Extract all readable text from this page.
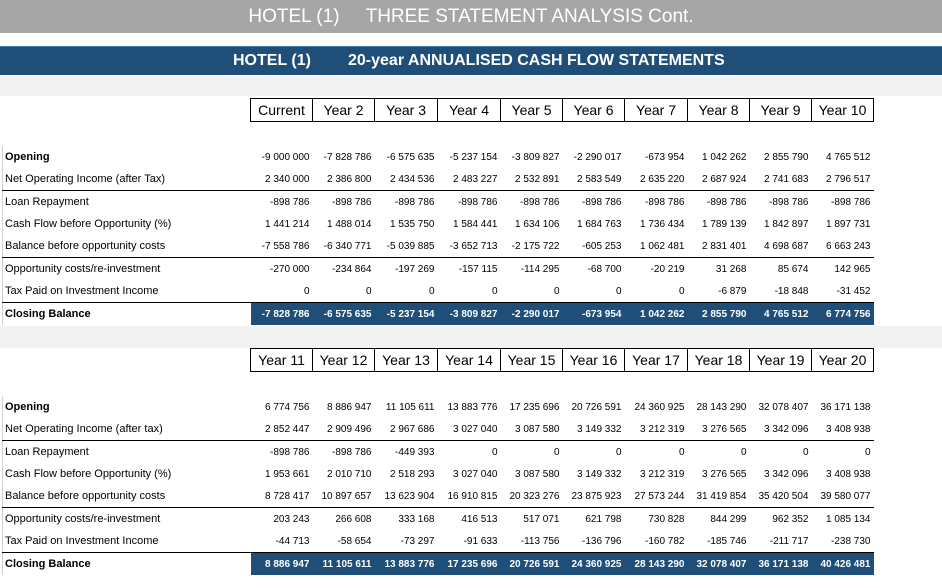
HOTEL (1)     THREE STATEMENT ANALYSIS Cont.
HOTEL (1) 20-year ANNUALISED CASH FLOW STATEMENTS
	Current	Year 2	Year 3	Year 4	Year 5	Year 6	Year 7	Year 8	Year 9	Year 10

Opening	-9 000 000	-7 828 786	-6 575 635	-5 237 154	-3 809 827	-2 290 017	-673 954	1 042 262	2 855 790	4 765 512
Net Operating Income (after Tax)	2 340 000	2 386 800	2 434 536	2 483 227	2 532 891	2 583 549	2 635 220	2 687 924	2 741 683	2 796 517
Loan Repayment	-898 786	-898 786	-898 786	-898 786	-898 786	-898 786	-898 786	-898 786	-898 786	-898 786
Cash Flow before Opportunity (%)	1 441 214	1 488 014	1 535 750	1 584 441	1 634 106	1 684 763	1 736 434	1 789 139	1 842 897	1 897 731
Balance before opportunity costs	-7 558 786	-6 340 771	-5 039 885	-3 652 713	-2 175 722	-605 253	1 062 481	2 831 401	4 698 687	6 663 243
Opportunity costs/re-investment	-270 000	-234 864	-197 269	-157 115	-114 295	-68 700	-20 219	31 268	85 674	142 965
Tax Paid on Investment Income	0	0	0	0	0	0	0	-6 879	-18 848	-31 452
Closing Balance	-7 828 786	-6 575 635	-5 237 154	-3 809 827	-2 290 017	-673 954	1 042 262	2 855 790	4 765 512	6 774 756
	Year 11	Year 12	Year 13	Year 14	Year 15	Year 16	Year 17	Year 18	Year 19	Year 20

Opening	6 774 756	8 886 947	11 105 611	13 883 776	17 235 696	20 726 591	24 360 925	28 143 290	32 078 407	36 171 138
Net Operating Income (after tax)	2 852 447	2 909 496	2 967 686	3 027 040	3 087 580	3 149 332	3 212 319	3 276 565	3 342 096	3 408 938
Loan Repayment	-898 786	-898 786	-449 393	0	0	0	0	0	0	0
Cash Flow before Opportunity (%)	1 953 661	2 010 710	2 518 293	3 027 040	3 087 580	3 149 332	3 212 319	3 276 565	3 342 096	3 408 938
Balance before opportunity costs	8 728 417	10 897 657	13 623 904	16 910 815	20 323 276	23 875 923	27 573 244	31 419 854	35 420 504	39 580 077
Opportunity costs/re-investment	203 243	266 608	333 168	416 513	517 071	621 798	730 828	844 299	962 352	1 085 134
Tax Paid on Investment Income	-44 713	-58 654	-73 297	-91 633	-113 756	-136 796	-160 782	-185 746	-211 717	-238 730
Closing Balance	8 886 947	11 105 611	13 883 776	17 235 696	20 726 591	24 360 925	28 143 290	32 078 407	36 171 138	40 426 481
